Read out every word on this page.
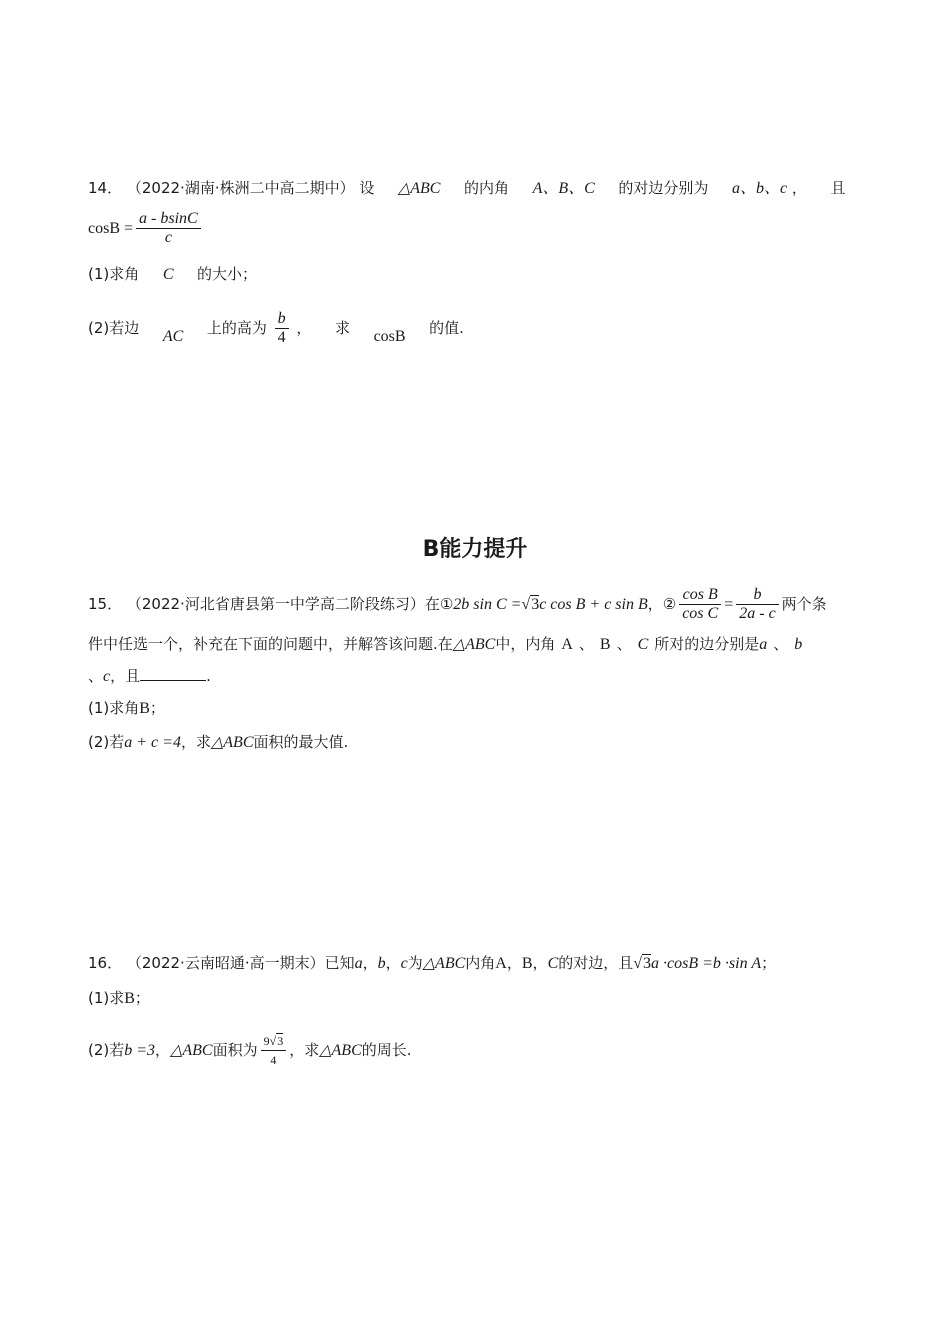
14． （2022·湖南·株洲二中高二期中） 设 △ABC 的内角 A、B、C 的对边分别为 a、b、c ， 且
$\cos B = \frac{a - bsinC}{c}$
(1)求角 C 的大小；
(2)若边 AC 上的高为 $\frac{b}{4}$ ， 求 cosB 的值.
B能力提升
15． （2022·河北省唐县第一中学高二阶段练习）在①2b sin C =√3c cos B + c sin B，② $\frac{\text{cos B}}{\text{cos C}} = \frac{b}{2a - c}$ 两个条
件中任选一个，补充在下面的问题中，并解答该问题.在△ABC中，内角 A 、 B 、 C 所对的边分别是a 、 b
、c，且	.
(1)求角B；
(2)若a + c =4，求△ABC面积的最大值.
16． （2022·云南昭通·高一期末）已知a，b，c为△ABC内角A，B，C的对边，且√3a ·cosB =b ·sin A；
(1)求B；
(2)若b =3，△ABC面积为 $\frac{9√3}{4}$ ，求△ABC的周长.
